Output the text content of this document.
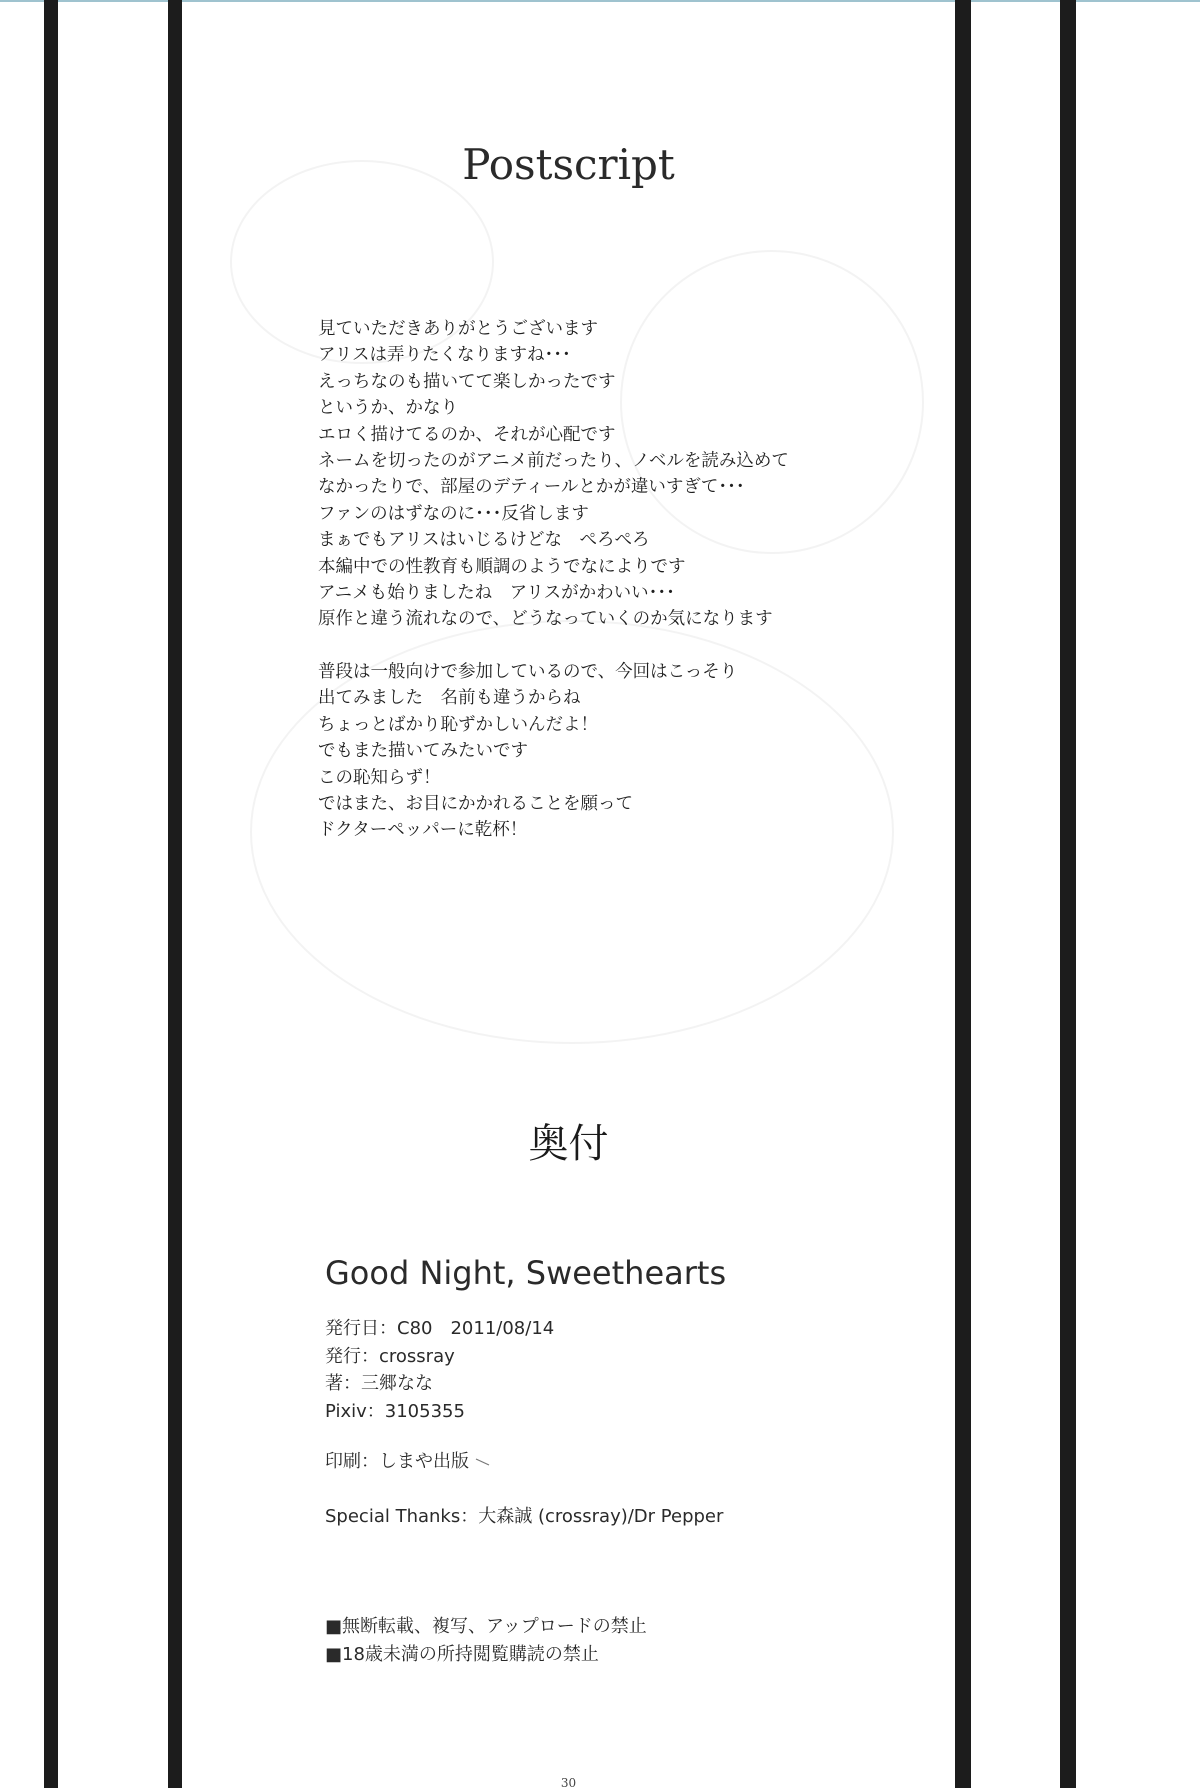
Postscript
見ていただきありがとうございます
アリスは弄りたくなりますね･･･
えっちなのも描いてて楽しかったです
というか、かなり
エロく描けてるのか、それが心配です
ネームを切ったのがアニメ前だったり、ノベルを読み込めて
なかったりで、部屋のデティールとかが違いすぎて･･･
ファンのはずなのに･･･反省します
まぁでもアリスはいじるけどな　ぺろぺろ
本編中での性教育も順調のようでなによりです
アニメも始りましたね　アリスがかわいい･･･
原作と違う流れなので、どうなっていくのか気になります
普段は一般向けで参加しているので、今回はこっそり
出てみました　名前も違うからね
ちょっとばかり恥ずかしいんだよ！
でもまた描いてみたいです
この恥知らず！
ではまた、お目にかかれることを願って
ドクターペッパーに乾杯！
奥付
Good Night, Sweethearts
発行日：C80　2011/08/14
発行：crossray
著：三郷なな
Pixiv：3105355
印刷：しまや出版
Special Thanks：大森誠 (crossray)/Dr Pepper
■無断転載、複写、アップロードの禁止
■18歳未満の所持閲覧購読の禁止
30
